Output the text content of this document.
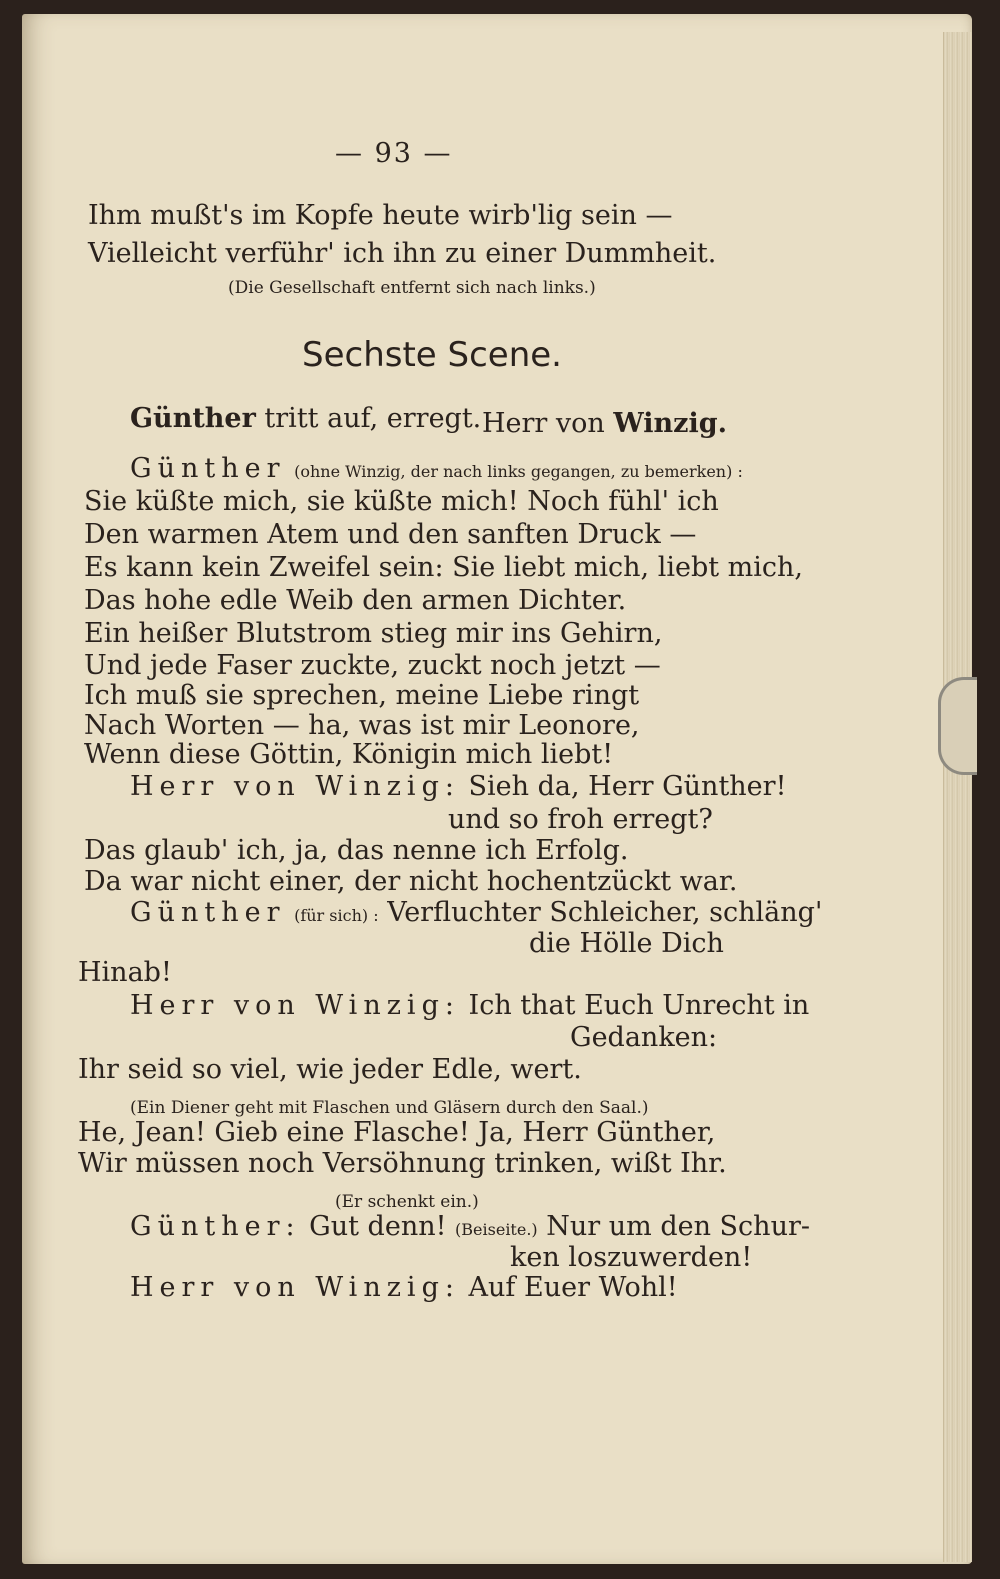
— 93 —
Ihm mußt's im Kopfe heute wirb'lig sein —
Vielleicht verführ' ich ihn zu einer Dummheit.
(Die Gesellschaft entfernt sich nach links.)
Sechste Scene.
Günther tritt auf, erregt. Herr von Winzig.
Günther (ohne Winzig, der nach links gegangen, zu bemerken) :
Sie küßte mich, sie küßte mich! Noch fühl' ich
Den warmen Atem und den sanften Druck —
Es kann kein Zweifel sein: Sie liebt mich, liebt mich,
Das hohe edle Weib den armen Dichter.
Ein heißer Blutstrom stieg mir ins Gehirn,
Und jede Faser zuckte, zuckt noch jetzt —
Ich muß sie sprechen, meine Liebe ringt
Nach Worten — ha, was ist mir Leonore,
Wenn diese Göttin, Königin mich liebt!
Herr von Winzig: Sieh da, Herr Günther!
und so froh erregt?
Das glaub' ich, ja, das nenne ich Erfolg.
Da war nicht einer, der nicht hochentzückt war.
Günther (für sich) : Verfluchter Schleicher, schläng'
die Hölle Dich
Hinab!
Herr von Winzig: Ich that Euch Unrecht in
Gedanken:
Ihr seid so viel, wie jeder Edle, wert.
(Ein Diener geht mit Flaschen und Gläsern durch den Saal.)
He, Jean! Gieb eine Flasche! Ja, Herr Günther,
Wir müssen noch Versöhnung trinken, wißt Ihr.
(Er schenkt ein.)
Günther: Gut denn! (Beiseite.) Nur um den Schur-
ken loszuwerden!
Herr von Winzig: Auf Euer Wohl!
